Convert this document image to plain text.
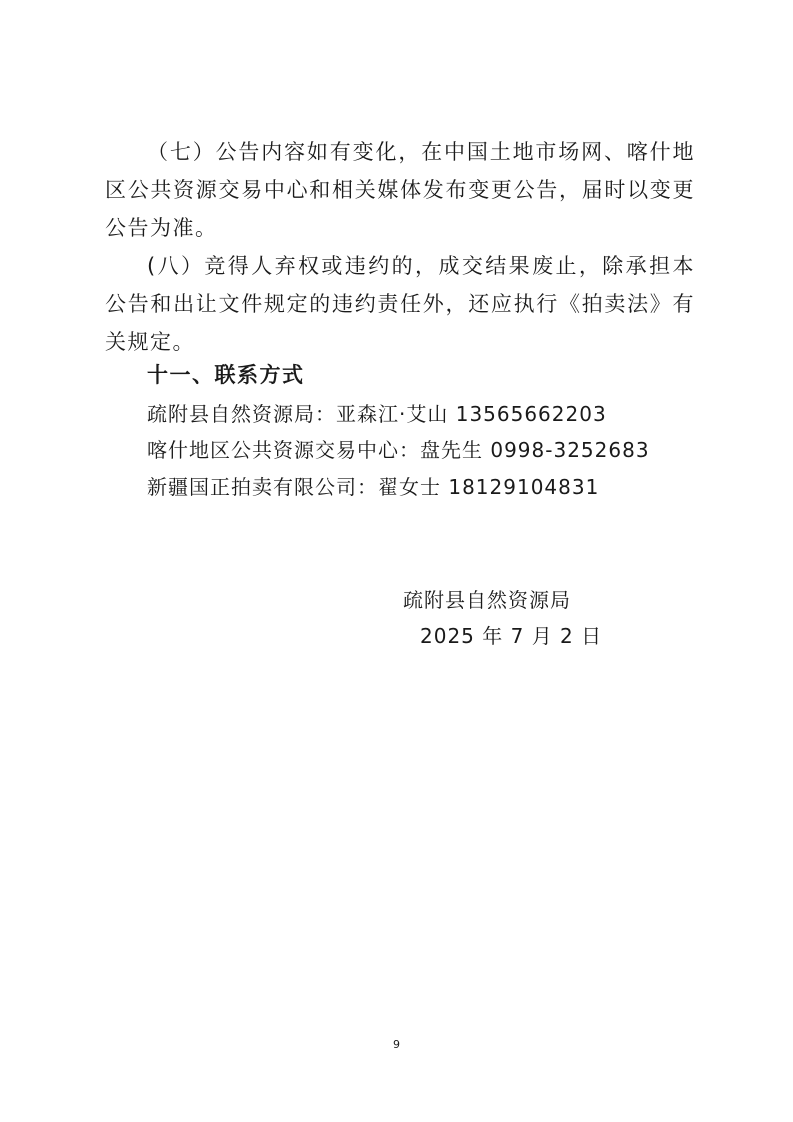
（七）公告内容如有变化，在中国土地市场网、喀什地区公共资源交易中心和相关媒体发布变更公告，届时以变更公告为准。

(八）竞得人弃权或违约的，成交结果废止，除承担本公告和出让文件规定的违约责任外，还应执行《拍卖法》有关规定。

十一、联系方式

疏附县自然资源局：亚森江·艾山 13565662203

喀什地区公共资源交易中心：盘先生 0998-3252683

新疆国正拍卖有限公司：翟女士 18129104831

疏附县自然资源局

2025 年 7 月 2 日

9
